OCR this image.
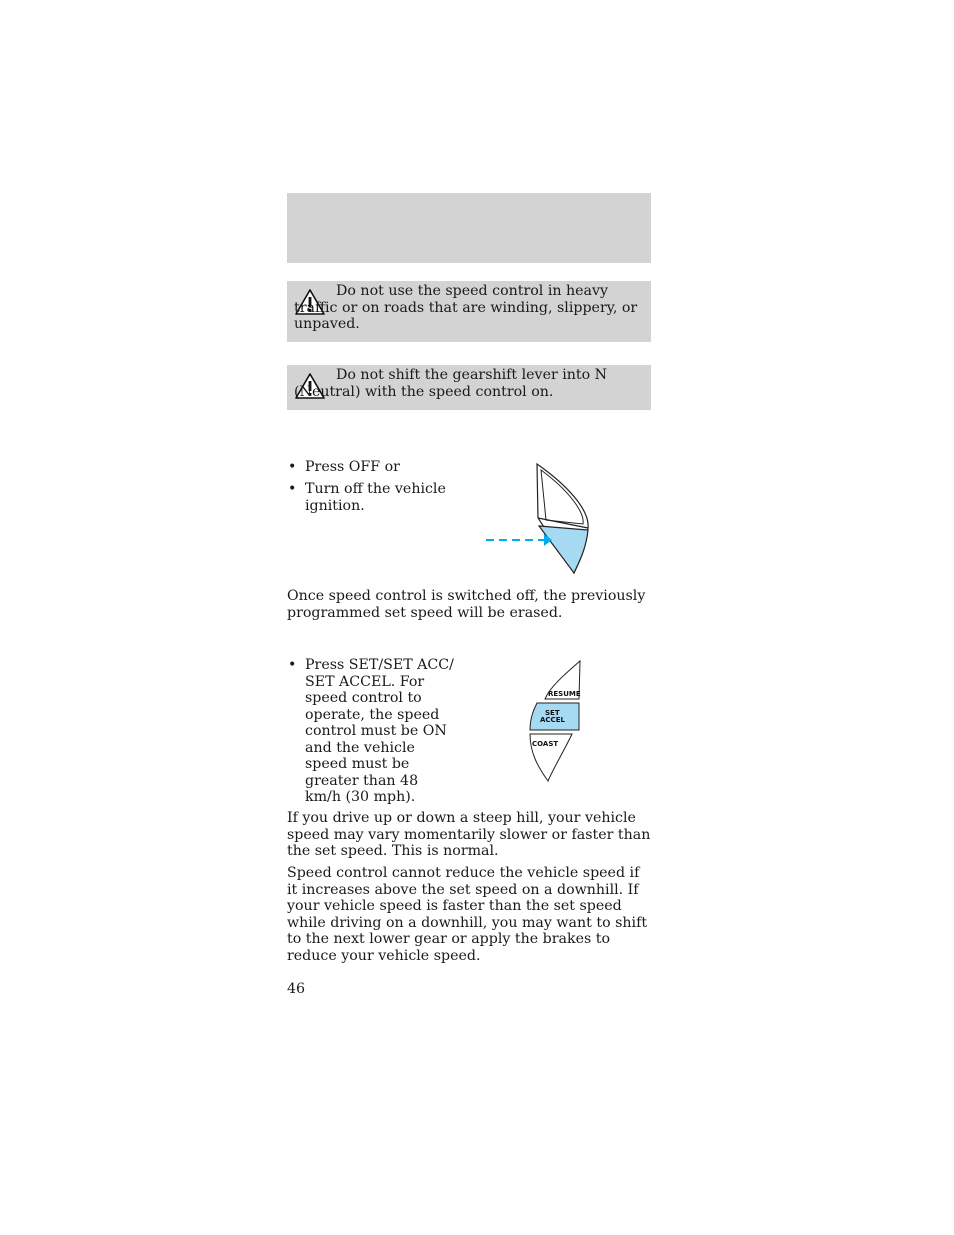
Do not use the speed control in heavy traffic or on roads that are winding, slippery, or unpaved.

Do not shift the gearshift lever into N (Neutral) with the speed control on.

• Press OFF or
• Turn off the vehicle ignition.

Once speed control is switched off, the previously programmed set speed will be erased.

• Press SET/SET ACC/ SET ACCEL. For speed control to operate, the speed control must be ON and the vehicle speed must be greater than 48 km/h (30 mph).
RESUME
SET
ACCEL
COAST

If you drive up or down a steep hill, your vehicle speed may vary momentarily slower or faster than the set speed. This is normal.

Speed control cannot reduce the vehicle speed if it increases above the set speed on a downhill. If your vehicle speed is faster than the set speed while driving on a downhill, you may want to shift to the next lower gear or apply the brakes to reduce your vehicle speed.

46
